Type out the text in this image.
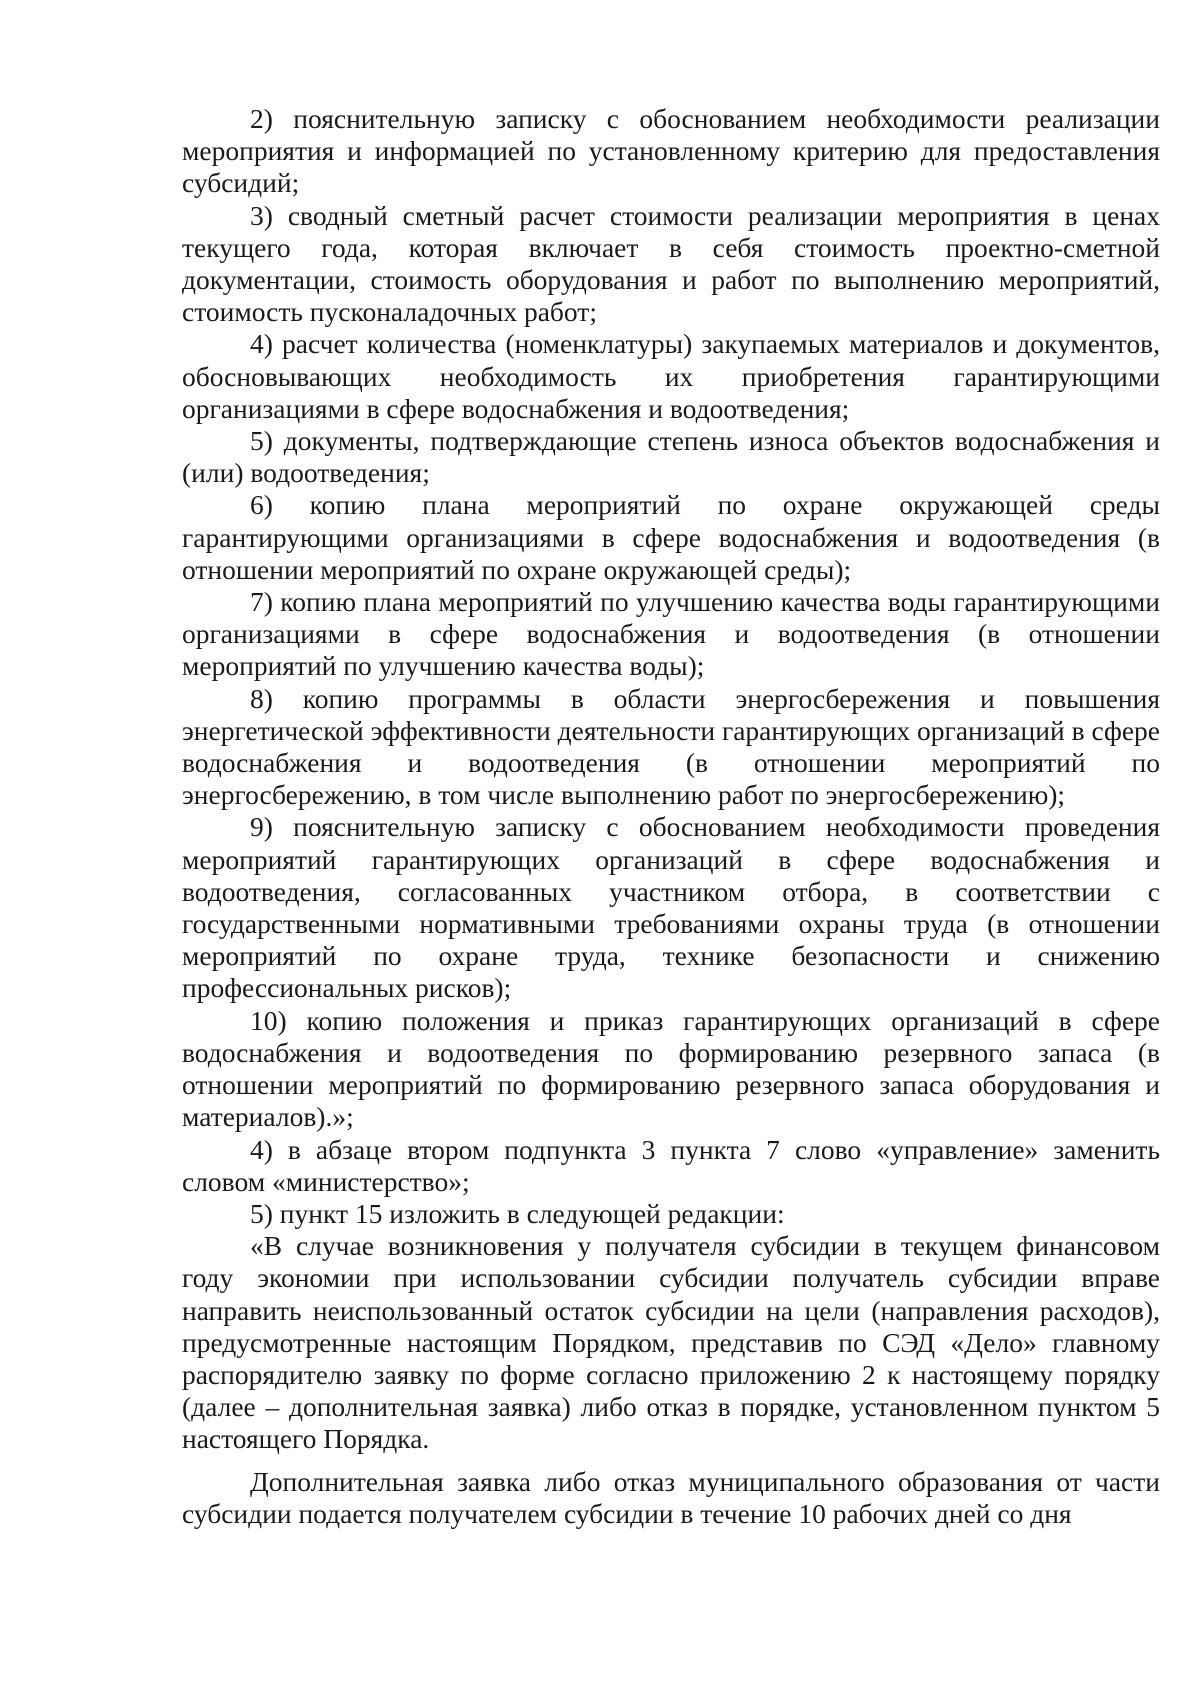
2) пояснительную записку с обоснованием необходимости реализации мероприятия и информацией по установленному критерию для предоставления субсидий;

3) сводный сметный расчет стоимости реализации мероприятия в ценах текущего года, которая включает в себя стоимость проектно-сметной документации, стоимость оборудования и работ по выполнению мероприятий, стоимость пусконаладочных работ;

4) расчет количества (номенклатуры) закупаемых материалов и документов, обосновывающих необходимость их приобретения гарантирующими организациями в сфере водоснабжения и водоотведения;

5) документы, подтверждающие степень износа объектов водоснабжения и (или) водоотведения;

6) копию плана мероприятий по охране окружающей среды гарантирующими организациями в сфере водоснабжения и водоотведения (в отношении мероприятий по охране окружающей среды);

7) копию плана мероприятий по улучшению качества воды гарантирующими организациями в сфере водоснабжения и водоотведения (в отношении мероприятий по улучшению качества воды);

8) копию программы в области энергосбережения и повышения энергетической эффективности деятельности гарантирующих организаций в сфере водоснабжения и водоотведения (в отношении мероприятий по энергосбережению, в том числе выполнению работ по энергосбережению);

9) пояснительную записку с обоснованием необходимости проведения мероприятий гарантирующих организаций в сфере водоснабжения и водоотведения, согласованных участником отбора, в соответствии с государственными нормативными требованиями охраны труда (в отношении мероприятий по охране труда, технике безопасности и снижению профессиональных рисков);

10) копию положения и приказ гарантирующих организаций в сфере водоснабжения и водоотведения по формированию резервного запаса (в отношении мероприятий по формированию резервного запаса оборудования и материалов).»;

4) в абзаце втором подпункта 3 пункта 7 слово «управление» заменить словом «министерство»;

5) пункт 15 изложить в следующей редакции:

«В случае возникновения у получателя субсидии в текущем финансовом году экономии при использовании субсидии получатель субсидии вправе направить неиспользованный остаток субсидии на цели (направления расходов), предусмотренные настоящим Порядком, представив по СЭД «Дело» главному распорядителю заявку по форме согласно приложению 2 к настоящему порядку (далее – дополнительная заявка) либо отказ в порядке, установленном пунктом 5 настоящего Порядка.

Дополнительная заявка либо отказ муниципального образования от части субсидии подается получателем субсидии в течение 10 рабочих дней со дня
